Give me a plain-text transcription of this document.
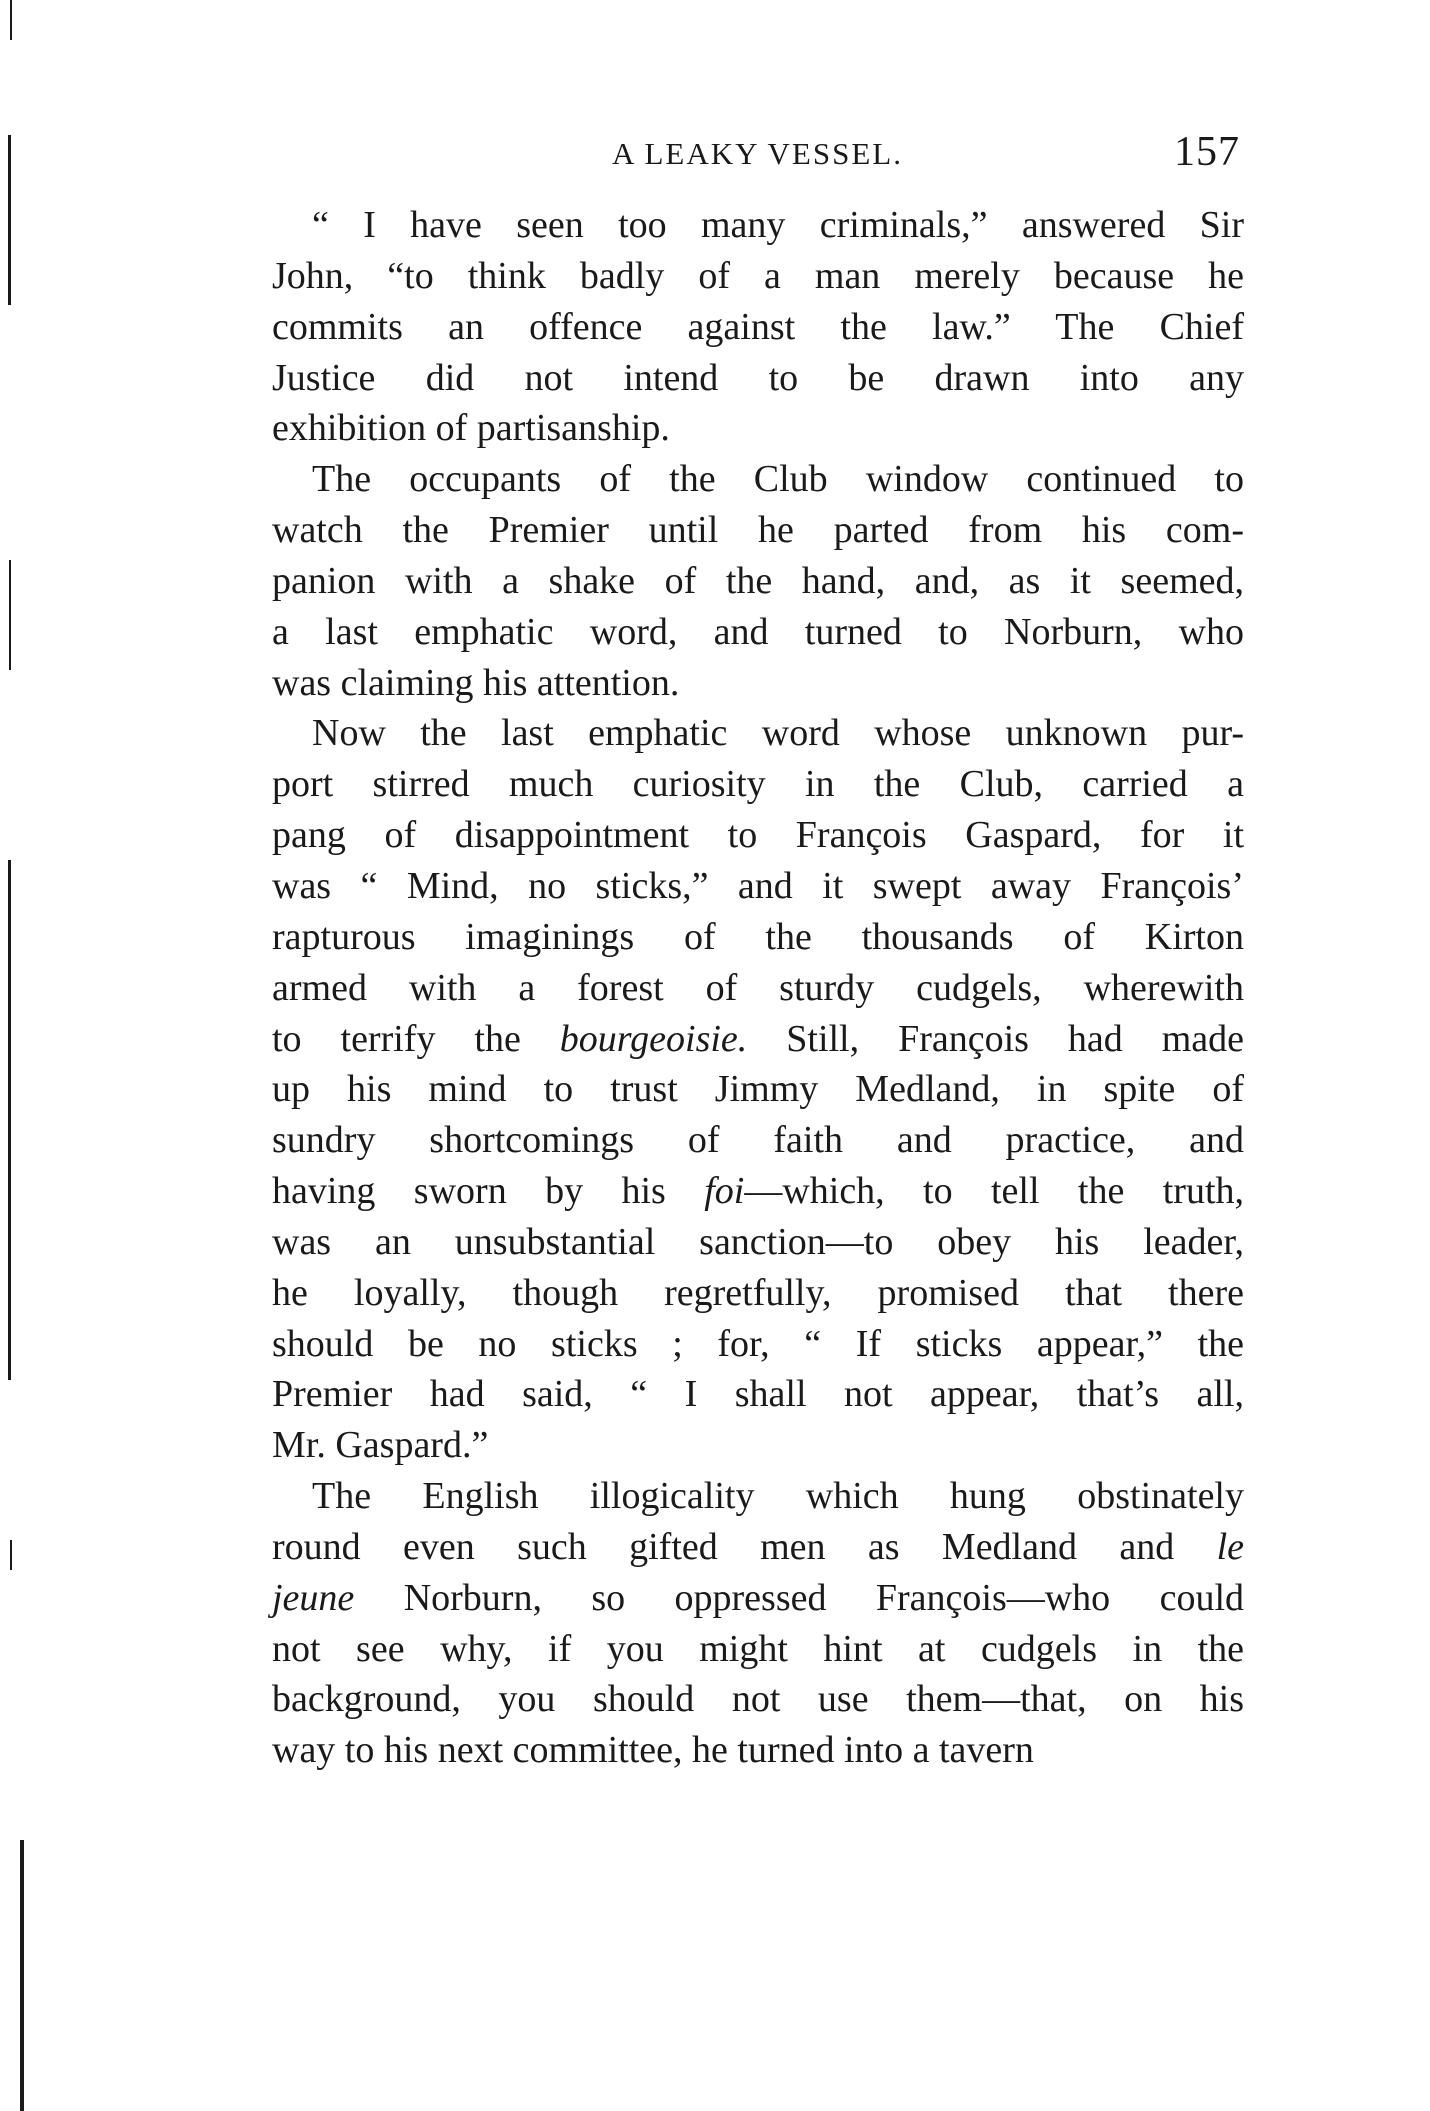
A LEAKY VESSEL.	157
“ I have seen too many criminals,” answered Sir
John, “to think badly of a man merely because he
commits an offence against the law.” The Chief
Justice did not intend to be drawn into any
exhibition of partisanship.
The occupants of the Club window continued to
watch the Premier until he parted from his com-
panion with a shake of the hand, and, as it seemed,
a last emphatic word, and turned to Norburn, who
was claiming his attention.
Now the last emphatic word whose unknown pur-
port stirred much curiosity in the Club, carried a
pang of disappointment to François Gaspard, for it
was “ Mind, no sticks,” and it swept away François’
rapturous imaginings of the thousands of Kirton
armed with a forest of sturdy cudgels, wherewith
to terrify the bourgeoisie. Still, François had made
up his mind to trust Jimmy Medland, in spite of
sundry shortcomings of faith and practice, and
having sworn by his foi—which, to tell the truth,
was an unsubstantial sanction—to obey his leader,
he loyally, though regretfully, promised that there
should be no sticks ; for, “ If sticks appear,” the
Premier had said, “ I shall not appear, that’s all,
Mr. Gaspard.”
The English illogicality which hung obstinately
round even such gifted men as Medland and le
jeune Norburn, so oppressed François—who could
not see why, if you might hint at cudgels in the
background, you should not use them—that, on his
way to his next committee, he turned into a tavern
